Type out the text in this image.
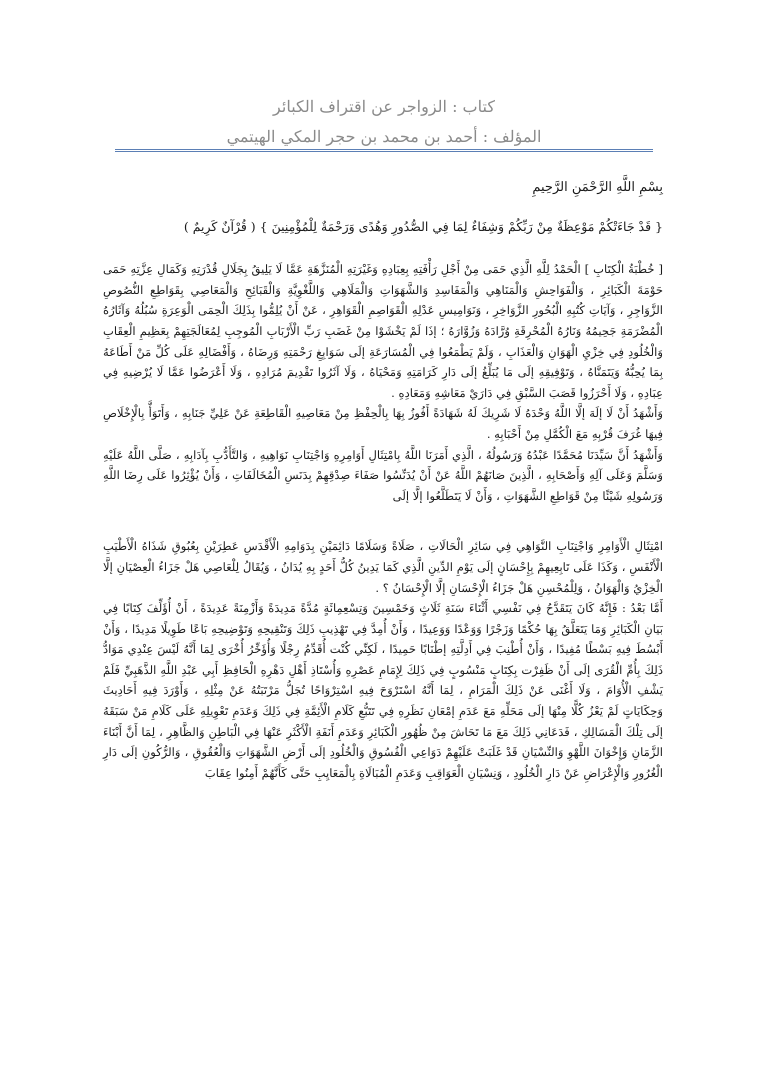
كتاب : الزواجر عن اقتراف الكبائر
المؤلف : أحمد بن محمد بن حجر المكي الهيتمي

بِسْمِ اللَّهِ الرَّحْمَنِ الرَّحِيمِ

{ قَدْ جَاءَتْكُمْ مَوْعِظَةٌ مِنْ رَبِّكُمْ وَشِفَاءٌ لِمَا فِي الصُّدُورِ وَهُدًى وَرَحْمَةٌ لِلْمُؤْمِنِينَ } ( قُرْآنٌ كَرِيمٌ )

[ خُطْبَةُ الْكِتَابِ ] الْحَمْدُ لِلَّهِ الَّذِي حَمَى مِنْ أَجْلِ رَأْفَتِهِ بِعِبَادِهِ وَغَيْرَتِهِ الْمُنَزَّهَةِ عَمَّا لَا يَلِيقُ بِجَلَالِ قُدْرَتِهِ وَكَمَالِ عِزَّتِهِ حَمَى حَوْمَةَ الْكَبَائِرِ ، وَالْفَوَاحِشِ وَالْمَنَاهِي وَالْمَفَاسِدِ وَالشَّهَوَاتِ وَالْمَلَاهِي وَاللَّغْوِيَّةِ وَالْقَبَائِحِ وَالْمَعَاصِي بِقَوَاطِعِ النُّصُوصِ الزَّوَاجِرِ ، وَآيَاتِ كُتُبِهِ الْبُحُورِ الزَّوَاخِرِ ، وَنَوَامِيسِ عَدْلِهِ الْقَوَاصِمِ الْقَوَاهِرِ ، عَنْ أَنْ يُلِمُّوا بِذَلِكَ الْحِمَى الْوَعِرَةِ سُبُلُهُ وَآثَارُهُ الْمُضْرَمَةِ جَحِيمُهُ وَنَارُهُ الْمُحْرِقَةِ وُرَّادَهُ وَزُوَّارَهُ ؛ إذَا لَمْ يَخْشَوْا مِنْ غَضَبِ رَبِّ الْأَرْبَابِ الْمُوجِبِ لِمُعَالَجَتِهِمْ بِعَظِيمِ الْعِقَابِ وَالْخُلُودِ فِي خِزْيِ الْهَوَانِ وَالْعَذَابِ ، وَلَمْ يَطْمَعُوا فِي الْمُسَارَعَةِ إلَى سَوَابِغِ رَحْمَتِهِ وَرِضَاهُ ، وَأَفْضَالِهِ عَلَى كُلِّ مَنْ أَطَاعَهُ بِمَا يُحِبُّهُ وَيَتَمَنَّاهُ ، وَتَوْفِيقِهِ إلَى مَا يُبَلِّغُ إلَى دَارِ كَرَامَتِهِ وَمَحْيَاهُ ، وَلَا آثَرُوا تَقْدِيمَ مُرَادِهِ ، وَلَا أَعْرَضُوا عَمَّا لَا يُرْضِيهِ فِي عِبَادِهِ ، وَلَا أَحْرَزُوا قَصَبَ السَّبْقِ فِي دَارَيْ مَعَاشِهِ وَمَعَادِهِ .

وَأَشْهَدُ أَنْ لَا إلَهَ إلَّا اللَّهُ وَحْدَهُ لَا شَرِيكَ لَهُ شَهَادَةً أَفُوزُ بِهَا بِالْحِفْظِ مِنْ مَعَاصِيهِ الْقَاطِعَةِ عَنْ عَلِيِّ جَنَابِهِ ، وَأَتَوَأَّ بِالْإِخْلَاصِ فِيهَا غُرَفَ قُرْبِهِ مَعَ الْكُمَّلِ مِنْ أَحْبَابِهِ .

وَأَشْهَدُ أَنَّ سَيِّدَنَا مُحَمَّدًا عَبْدُهُ وَرَسُولُهُ ، الَّذِي أَمَرَنَا اللَّهُ بِامْتِثَالِ أَوَامِرِهِ وَاجْتِنَابِ نَوَاهِيهِ ، وَالتَّأَدُّبِ بِآدَابِهِ ، صَلَّى اللَّهُ عَلَيْهِ وَسَلَّمَ وَعَلَى آلِهِ وَأَصْحَابِهِ ، الَّذِينَ صَانَهُمْ اللَّهُ عَنْ أَنْ يُدَنِّسُوا صَفَاءَ صِدْقِهِمْ بِدَنَسِ الْمُخَالَفَاتِ ، وَأَنْ يُؤْثِرُوا عَلَى رِضَا اللَّهِ وَرَسُولِهِ شَيْئًا مِنْ قَوَاطِعِ الشَّهَوَاتِ ، وَأَنْ لَا يَتَطَلَّعُوا إلَّا إلَى

امْتِثَالِ الْأَوَامِرِ وَاجْتِنَابِ النَّوَاهِي فِي سَائِرِ الْحَالَاتِ ، صَلَاةً وَسَلَامًا دَائِمَيْنِ بِدَوَامِهِ الْأَقْدَسِ عَطِرَيْنِ بِعُبُوقِ شَذَاهُ الْأَطْيَبِ الْأَنْفَسِ ، وَكَذَا عَلَى تَابِعِيهِمْ بِإِحْسَانٍ إلَى يَوْمِ الدِّينِ الَّذِي كَمَا يَدِينُ كُلُّ أَحَدٍ بِهِ يُدَانُ ، وَيُقَالُ لِلْعَاصِي هَلْ جَزَاءُ الْعِصْيَانِ إلَّا الْخِزْيُ وَالْهَوَانُ ، وَلِلْمُحْسِنِ هَلْ جَزَاءُ الْإِحْسَانِ إلَّا الْإِحْسَانُ ؟ .

أَمَّا بَعْدُ : فَإِنَّهُ كَانَ يَتَقَدَّحُ فِي نَفْسِي أَثْنَاءَ سَنَةِ ثَلَاثٍ وَخَمْسِينَ وَتِسْعِمِائَةٍ مُدَّةً مَدِيدَةً وَأَزْمِنَةً عَدِيدَةً ، أَنْ أُؤَلِّفَ كِتَابًا فِي بَيَانِ الْكَبَائِرِ وَمَا يَتَعَلَّقُ بِهَا حُكْمًا وَزَجْرًا وَوَعْدًا وَوَعِيدًا ، وَأَنْ أُمِدَّ فِي تَهْذِيبِ ذَلِكَ وَتَنْقِيحِهِ وَتَوْضِيحِهِ بَاعًا طَوِيلًا مَدِيدًا ، وَأَنْ أَبْسُطَ فِيهِ بَسْطًا مُفِيدًا ، وَأَنْ أُطْنِبَ فِي أَدِلَّتِهِ إطْنَابًا حَمِيدًا ، لَكِنِّي كُنْت أُقَدِّمُ رِجْلًا وَأُؤَخِّرُ أُخْرَى لِمَا أَنَّهُ لَيْسَ عِنْدِي مَوَادُّ ذَلِكَ بِأُمِّ الْقُرَى إلَى أَنْ ظَفِرْت بِكِتَابٍ مَنْسُوبٍ فِي ذَلِكَ لِإِمَامِ عَصْرِهِ وَأُسْتَاذِ أَهْلِ دَهْرِهِ الْحَافِظِ أَبِي عَبْدِ اللَّهِ الذَّهَبِيِّ فَلَمْ يَشْفِ الْأُوَامَ ، وَلَا أَغْنَى عَنْ ذَلِكَ الْمَرَامِ ، لِمَا أَنَّهُ اسْتَرْوَحَ فِيهِ اسْتِرْوَاحًا تُجَلُّ مَرْتَبَتُهُ عَنْ مِثْلِهِ ، وَأَوْرَدَ فِيهِ أَحَادِيثَ وَحِكَايَاتٍ لَمْ يَعْزُ كُلًّا مِنْهَا إلَى مَحَلِّهِ مَعَ عَدَمِ إمْعَانِ نَظَرِهِ فِي تَتَبُّعِ كَلَامِ الْأَئِمَّةِ فِي ذَلِكَ وَعَدَمِ تَعْوِيلِهِ عَلَى كَلَامِ مَنْ سَبَقَهُ إلَى تِلْكَ الْمَسَالِكِ ، فَدَعَانِي ذَلِكَ مَعَ مَا تَحَاشَ مِنْ ظُهُورِ الْكَبَائِرِ وَعَدَمِ أَنَفَةِ الْأَكْثَرِ عَنْهَا فِي الْبَاطِنِ وَالظَّاهِرِ ، لِمَا أَنَّ أَبْنَاءَ الزَّمَانِ وَإِخْوَانَ اللَّهْوِ وَالنِّسْيَانِ قَدْ غَلَبَتْ عَلَيْهِمْ دَوَاعِي الْفُسُوقِ وَالْخُلُودِ إلَى أَرْضِ الشَّهَوَاتِ وَالْعُقُوقِ ، وَالرُّكُونِ إلَى دَارِ الْغُرُورِ وَالْإِعْرَاضِ عَنْ دَارِ الْخُلُودِ ، وَنِسْيَانِ الْعَوَاقِبِ وَعَدَمِ الْمُبَالَاةِ بِالْمَعَايِبِ حَتَّى كَأَنَّهُمْ أَمِنُوا عِقَابَ
